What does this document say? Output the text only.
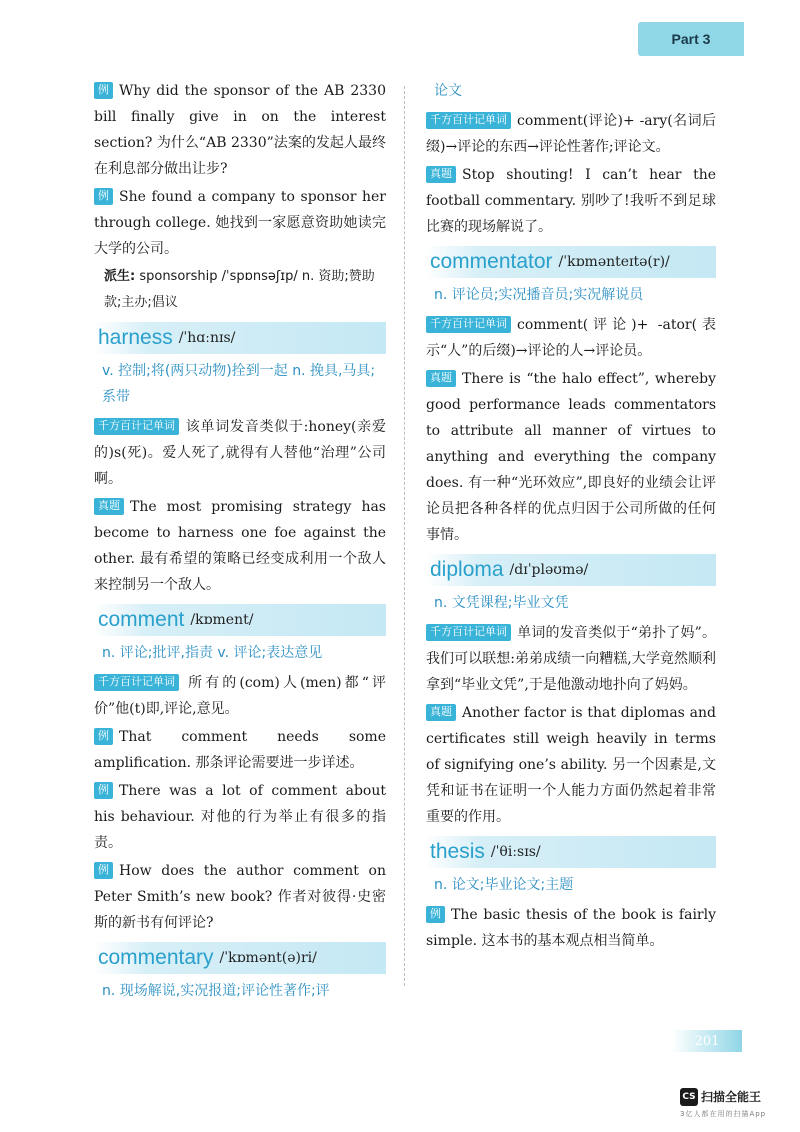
Part 3
例 Why did the sponsor of the AB 2330 bill finally give in on the interest section? 为什么“AB 2330”法案的发起人最终在利息部分做出让步?
例 She found a company to sponsor her through college. 她找到一家愿意资助她读完大学的公司。
派生: sponsorship /ˈspɒnsəʃɪp/ n. 资助;赞助款;主办;倡议
harness /ˈhɑːnɪs/
v. 控制;将(两只动物)拴到一起 n. 挽具,马具;系带
千方百计记单词 该单词发音类似于:honey(亲爱的)s(死)。爱人死了,就得有人替他“治理”公司啊。
真题 The most promising strategy has become to harness one foe against the other. 最有希望的策略已经变成利用一个敌人来控制另一个敌人。
comment /kɒment/
n. 评论;批评,指责 v. 评论;表达意见
千方百计记单词 所有的(com)人(men)都“评价”他(t)即,评论,意见。
例 That comment needs some amplification. 那条评论需要进一步详述。
例 There was a lot of comment about his behaviour. 对他的行为举止有很多的指责。
例 How does the author comment on Peter Smith’s new book? 作者对彼得·史密斯的新书有何评论?
commentary /ˈkɒmənt(ə)ri/
n. 现场解说,实况报道;评论性著作;评
论文
千方百计记单词 comment(评论)+ -ary(名词后缀)→评论的东西→评论性著作;评论文。
真题 Stop shouting! I can’t hear the football commentary. 别吵了!我听不到足球比赛的现场解说了。
commentator /ˈkɒmənteɪtə(r)/
n. 评论员;实况播音员;实况解说员
千方百计记单词 comment(评论)+ -ator(表示“人”的后缀)→评论的人→评论员。
真题 There is “the halo effect”, whereby good performance leads commentators to attribute all manner of virtues to anything and everything the company does. 有一种“光环效应”,即良好的业绩会让评论员把各种各样的优点归因于公司所做的任何事情。
diploma /dɪˈpləʊmə/
n. 文凭课程;毕业文凭
千方百计记单词 单词的发音类似于“弟扑了妈”。我们可以联想:弟弟成绩一向糟糕,大学竟然顺利拿到“毕业文凭”,于是他激动地扑向了妈妈。
真题 Another factor is that diplomas and certificates still weigh heavily in terms of signifying one’s ability. 另一个因素是,文凭和证书在证明一个人能力方面仍然起着非常重要的作用。
thesis /ˈθiːsɪs/
n. 论文;毕业论文;主题
例 The basic thesis of the book is fairly simple. 这本书的基本观点相当简单。
201
CS 扫描全能王
3亿人都在用的扫描App
